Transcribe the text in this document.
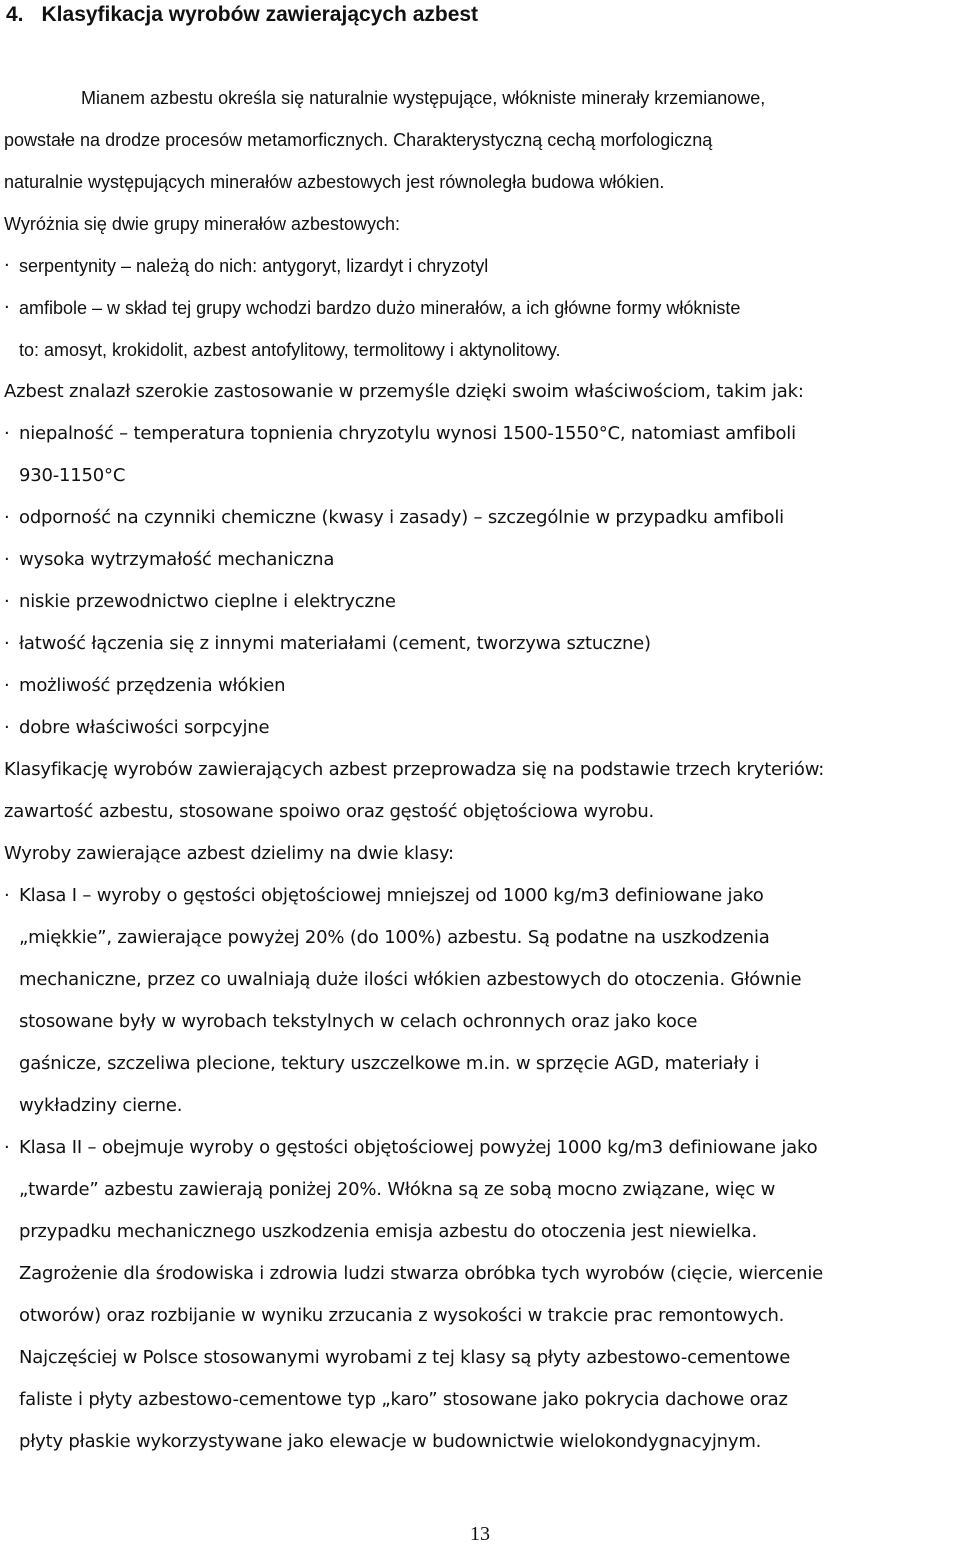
4. Klasyfikacja wyrobów zawierających azbest

Mianem azbestu określa się naturalnie występujące, włókniste minerały krzemianowe,

powstałe na drodze procesów metamorficznych. Charakterystyczną cechą morfologiczną

naturalnie występujących minerałów azbestowych jest równoległa budowa włókien.

Wyróżnia się dwie grupy minerałów azbestowych:

· serpentynity – należą do nich: antygoryt, lizardyt i chryzotyl

· amfibole – w skład tej grupy wchodzi bardzo dużo minerałów, a ich główne formy włókniste

to: amosyt, krokidolit, azbest antofylitowy, termolitowy i aktynolitowy.

Azbest znalazł szerokie zastosowanie w przemyśle dzięki swoim właściwościom, takim jak:

· niepalność – temperatura topnienia chryzotylu wynosi 1500-1550°C, natomiast amfiboli

930-1150°C

· odporność na czynniki chemiczne (kwasy i zasady) – szczególnie w przypadku amfiboli

· wysoka wytrzymałość mechaniczna

· niskie przewodnictwo cieplne i elektryczne

· łatwość łączenia się z innymi materiałami (cement, tworzywa sztuczne)

· możliwość przędzenia włókien

· dobre właściwości sorpcyjne

Klasyfikację wyrobów zawierających azbest przeprowadza się na podstawie trzech kryteriów:

zawartość azbestu, stosowane spoiwo oraz gęstość objętościowa wyrobu.

Wyroby zawierające azbest dzielimy na dwie klasy:

· Klasa I – wyroby o gęstości objętościowej mniejszej od 1000 kg/m3 definiowane jako

„miękkie”, zawierające powyżej 20% (do 100%) azbestu. Są podatne na uszkodzenia

mechaniczne, przez co uwalniają duże ilości włókien azbestowych do otoczenia. Głównie

stosowane były w wyrobach tekstylnych w celach ochronnych oraz jako koce

gaśnicze, szczeliwa plecione, tektury uszczelkowe m.in. w sprzęcie AGD, materiały i

wykładziny cierne.

· Klasa II – obejmuje wyroby o gęstości objętościowej powyżej 1000 kg/m3 definiowane jako

„twarde” azbestu zawierają poniżej 20%. Włókna są ze sobą mocno związane, więc w

przypadku mechanicznego uszkodzenia emisja azbestu do otoczenia jest niewielka.

Zagrożenie dla środowiska i zdrowia ludzi stwarza obróbka tych wyrobów (cięcie, wiercenie

otworów) oraz rozbijanie w wyniku zrzucania z wysokości w trakcie prac remontowych.

Najczęściej w Polsce stosowanymi wyrobami z tej klasy są płyty azbestowo-cementowe

faliste i płyty azbestowo-cementowe typ „karo” stosowane jako pokrycia dachowe oraz

płyty płaskie wykorzystywane jako elewacje w budownictwie wielokondygnacyjnym.

13
